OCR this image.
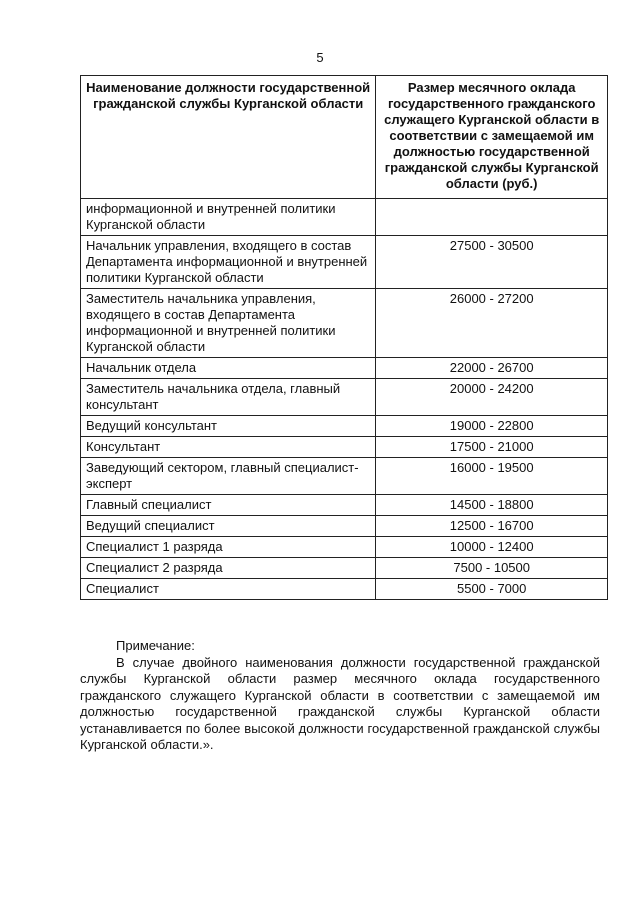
5
Наименование должности государственной гражданской службы Курганской области	Размер месячного оклада государственного гражданского служащего Курганской области в соответствии с замещаемой им должностью государственной гражданской службы Курганской области (руб.)
информационной и внутренней политики Курганской области	
Начальник управления, входящего в состав Департамента информационной и внутренней политики Курганской области	27500 - 30500
Заместитель начальника управления, входящего в состав Департамента информационной и внутренней политики Курганской области	26000 - 27200
Начальник отдела	22000 - 26700
Заместитель начальника отдела, главный консультант	20000 - 24200
Ведущий консультант	19000 - 22800
Консультант	17500 - 21000
Заведующий сектором, главный специалист-эксперт	16000 - 19500
Главный специалист	14500 - 18800
Ведущий специалист	12500 - 16700
Специалист 1 разряда	10000 - 12400
Специалист 2 разряда	7500 - 10500
Специалист	5500 - 7000
Примечание:
В случае двойного наименования должности государственной гражданской службы Курганской области размер месячного оклада государственного гражданского служащего Курганской области в соответствии с замещаемой им должностью государственной гражданской службы Курганской области устанавливается по более высокой должности государственной гражданской службы Курганской области.».
